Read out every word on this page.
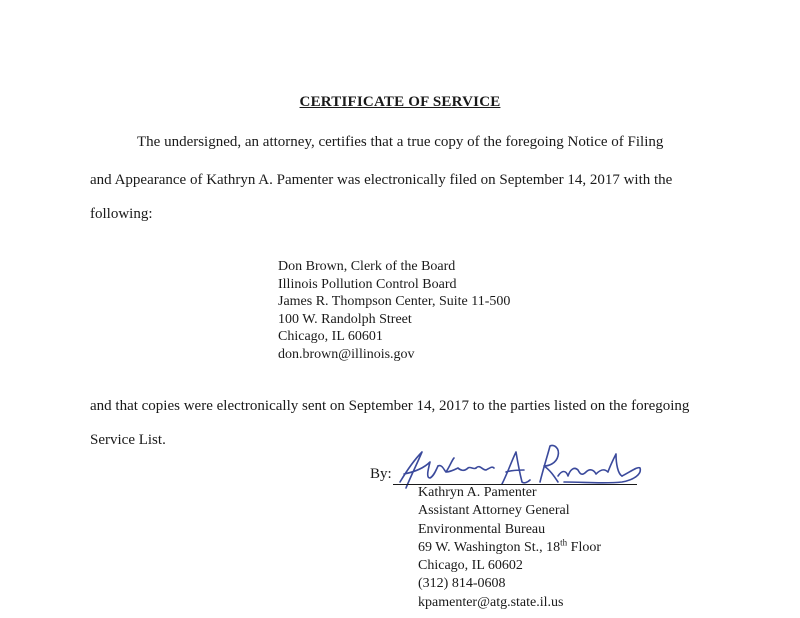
CERTIFICATE OF SERVICE
The undersigned, an attorney, certifies that a true copy of the foregoing Notice of Filing
and Appearance of Kathryn A. Pamenter was electronically filed on September 14, 2017 with the
following:
Don Brown, Clerk of the Board
Illinois Pollution Control Board
James R. Thompson Center, Suite 11-500
100 W. Randolph Street
Chicago, IL 60601
don.brown@illinois.gov
and that copies were electronically sent on September 14, 2017 to the parties listed on the foregoing
Service List.
By:
Kathryn A. Pamenter
Assistant Attorney General
Environmental Bureau
69 W. Washington St., 18th Floor
Chicago, IL 60602
(312) 814-0608
kpamenter@atg.state.il.us
